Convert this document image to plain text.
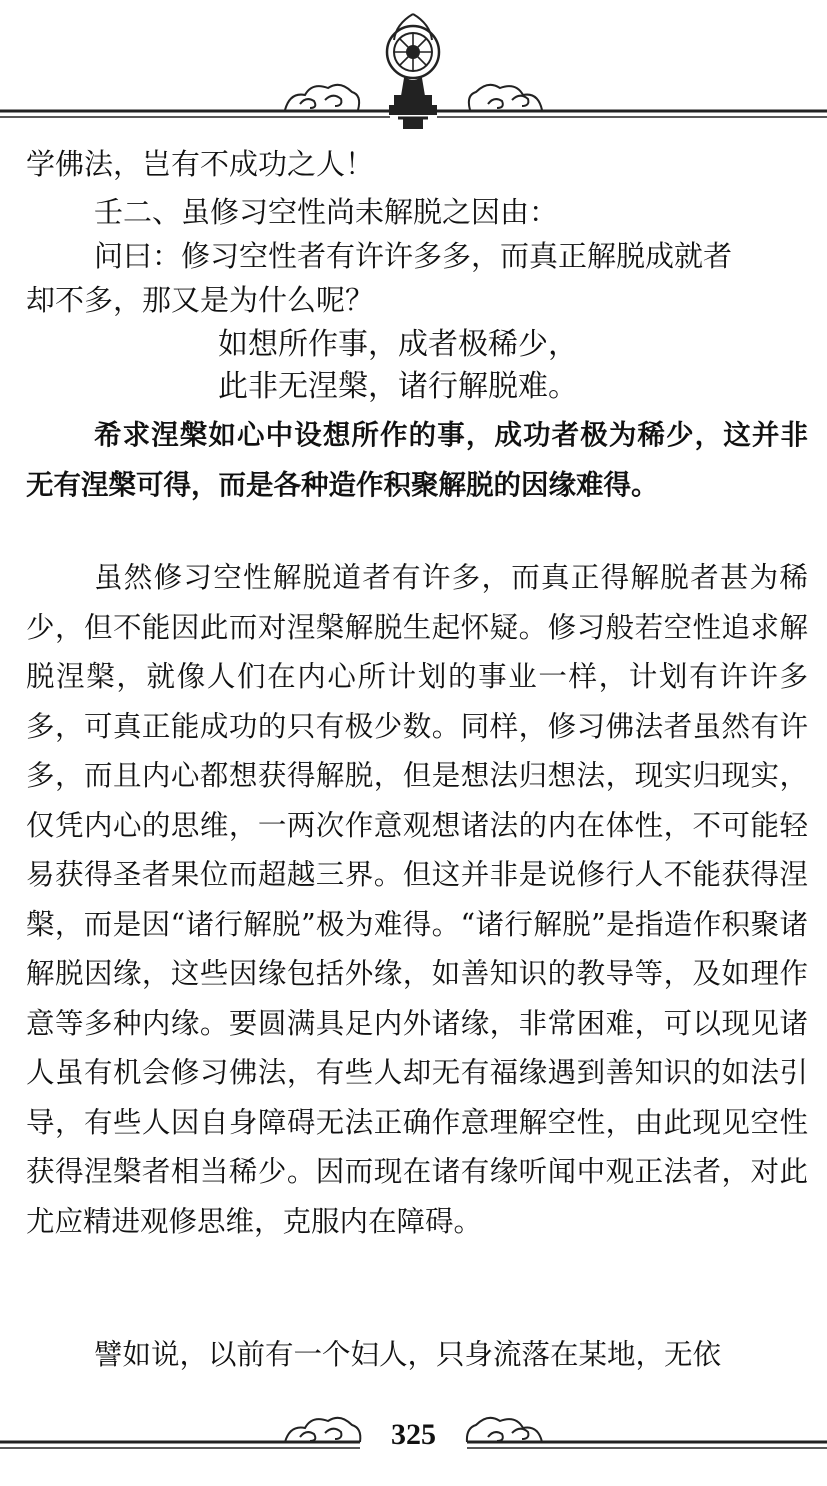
学佛法，岂有不成功之人！
壬二、虽修习空性尚未解脱之因由：
问曰：修习空性者有许许多多，而真正解脱成就者
却不多，那又是为什么呢？
如想所作事，成者极稀少，
此非无涅槃，诸行解脱难。

希求涅槃如心中设想所作的事，成功者极为稀少，这并非无有涅槃可得，而是各种造作积聚解脱的因缘难得。

虽然修习空性解脱道者有许多，而真正得解脱者甚为稀少，但不能因此而对涅槃解脱生起怀疑。修习般若空性追求解脱涅槃，就像人们在内心所计划的事业一样，计划有许许多多，可真正能成功的只有极少数。同样，修习佛法者虽然有许多，而且内心都想获得解脱，但是想法归想法，现实归现实，仅凭内心的思维，一两次作意观想诸法的内在体性，不可能轻易获得圣者果位而超越三界。但这并非是说修行人不能获得涅槃，而是因“诸行解脱”极为难得。“诸行解脱”是指造作积聚诸解脱因缘，这些因缘包括外缘，如善知识的教导等，及如理作意等多种内缘。要圆满具足内外诸缘，非常困难，可以现见诸人虽有机会修习佛法，有些人却无有福缘遇到善知识的如法引导，有些人因自身障碍无法正确作意理解空性，由此现见空性获得涅槃者相当稀少。因而现在诸有缘听闻中观正法者，对此尤应精进观修思维，克服内在障碍。

譬如说，以前有一个妇人，只身流落在某地，无依

325
